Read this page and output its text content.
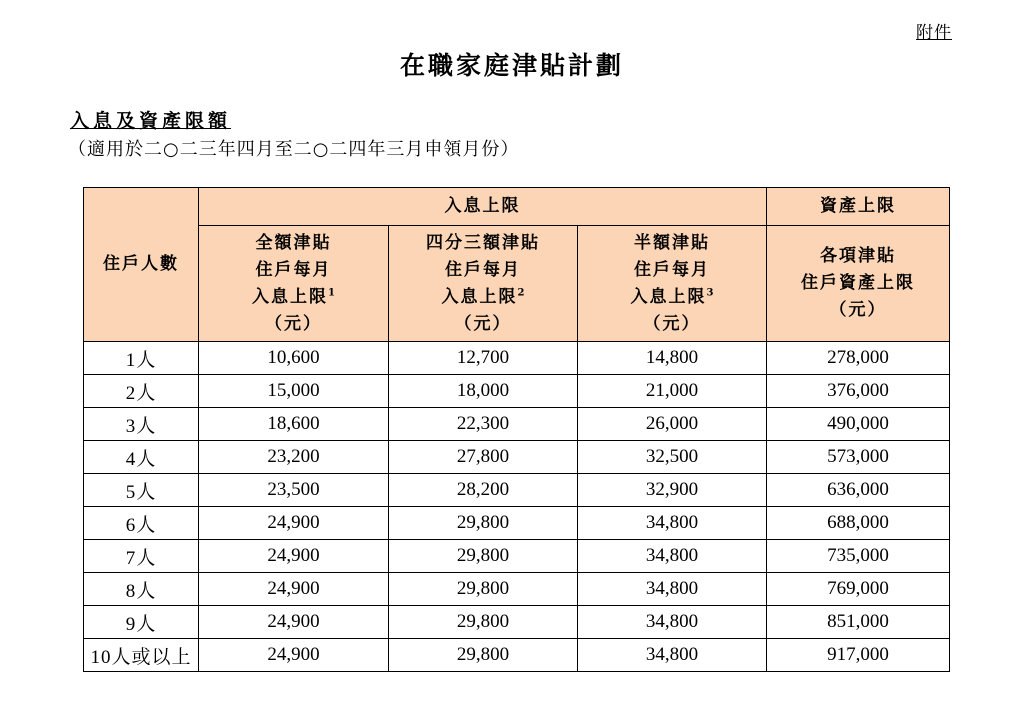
附件
在職家庭津貼計劃
入息及資產限額
（適用於二○二三年四月至二○二四年三月申領月份）
住戶人數	入息上限			資產上限

	全額津貼
住戶每月
入息上限$^1$
（元）	四分三額津貼
住戶每月
入息上限$^2$
（元）	半額津貼
住戶每月
入息上限$^3$
（元）	各項津貼
住戶資產上限
（元）

1人	10,600	12,700	14,800	278,000
2人	15,000	18,000	21,000	376,000
3人	18,600	22,300	26,000	490,000
4人	23,200	27,800	32,500	573,000
5人	23,500	28,200	32,900	636,000
6人	24,900	29,800	34,800	688,000
7人	24,900	29,800	34,800	735,000
8人	24,900	29,800	34,800	769,000
9人	24,900	29,800	34,800	851,000
10人或以上	24,900	29,800	34,800	917,000
